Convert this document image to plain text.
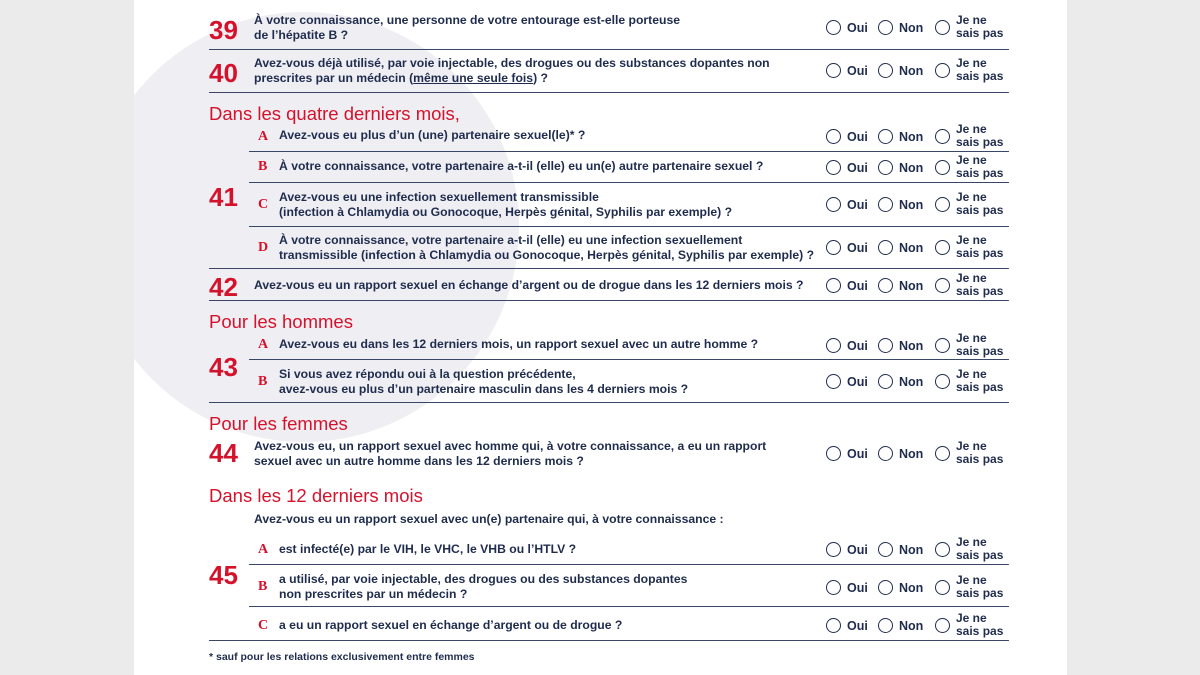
39 À votre connaissance, une personne de votre entourage est-elle porteuse
de l’hépatite B ?	Oui Non
Je ne
sais pas
40 Avez-vous déjà utilisé, par voie injectable, des drogues ou des substances dopantes non
prescrites par un médecin (même une seule fois) ?	Oui Non
Je ne
sais pas
Dans les quatre derniers mois,
41
A Avez-vous eu plus d’un (une) partenaire sexuel(le)* ?	Oui Non
Je ne
sais pas
B À votre connaissance, votre partenaire a-t-il (elle) eu un(e) autre partenaire sexuel ?	Oui Non
Je ne
sais pas
C Avez-vous eu une infection sexuellement transmissible
(infection à Chlamydia ou Gonocoque, Herpès génital, Syphilis par exemple) ?	Oui Non
Je ne
sais pas
D À votre connaissance, votre partenaire a-t-il (elle) eu une infection sexuellement
transmissible (infection à Chlamydia ou Gonocoque, Herpès génital, Syphilis par exemple) ?	Oui Non
Je ne
sais pas
42 Avez-vous eu un rapport sexuel en échange d’argent ou de drogue dans les 12 derniers mois ?	Oui Non
Je ne
sais pas
Pour les hommes
43
A Avez-vous eu dans les 12 derniers mois, un rapport sexuel avec un autre homme ?	Oui Non
Je ne
sais pas
B Si vous avez répondu oui à la question précédente,
avez-vous eu plus d’un partenaire masculin dans les 4 derniers mois ?	Oui Non
Je ne
sais pas
Pour les femmes
44 Avez-vous eu, un rapport sexuel avec homme qui, à votre connaissance, a eu un rapport
sexuel avec un autre homme dans les 12 derniers mois ?	Oui Non
Je ne
sais pas
Dans les 12 derniers mois
Avez-vous eu un rapport sexuel avec un(e) partenaire qui, à votre connaissance :
45
A est infecté(e) par le VIH, le VHC, le VHB ou l’HTLV ?	Oui Non
Je ne
sais pas
B a utilisé, par voie injectable, des drogues ou des substances dopantes
non prescrites par un médecin ?	Oui Non
Je ne
sais pas
C a eu un rapport sexuel en échange d’argent ou de drogue ?	Oui Non
Je ne
sais pas
* sauf pour les relations exclusivement entre femmes
